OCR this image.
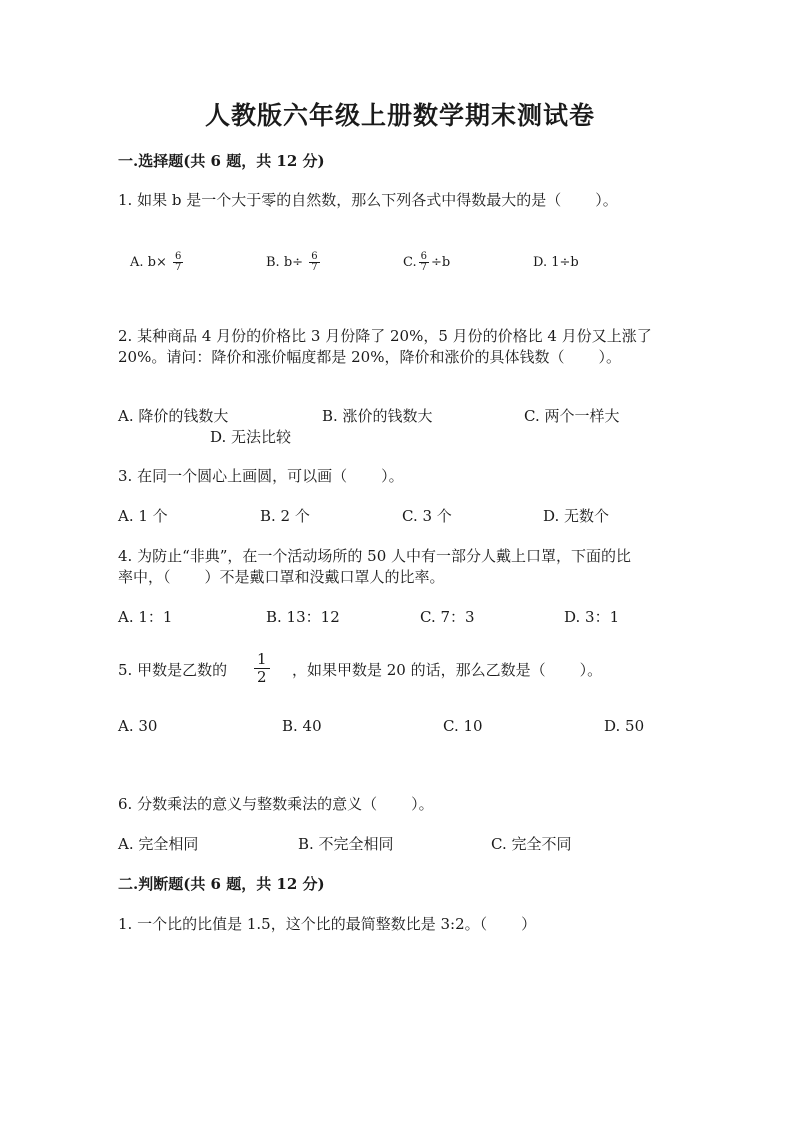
人教版六年级上册数学期末测试卷
一.选择题(共 6 题，共 12 分)
1. 如果 b 是一个大于零的自然数，那么下列各式中得数最大的是（ ）。
A. $b\times \frac{6}{7}$	B. $b\div \frac{6}{7}$	C. $\frac{6}{7} \div b$	D. 1÷b
2. 某种商品 4 月份的价格比 3 月份降了 20%，5 月份的价格比 4 月份又上涨了
20%。请问：降价和涨价幅度都是 20%，降价和涨价的具体钱数（ ）。
A. 降价的钱数大	B. 涨价的钱数大	C. 两个一样大
D. 无法比较
3. 在同一个圆心上画圆，可以画（ ）。
A. 1 个	B. 2 个	C. 3 个	D. 无数个
4. 为防止“非典”，在一个活动场所的 50 人中有一部分人戴上口罩，下面的比
率中，（ ）不是戴口罩和没戴口罩人的比率。
A. 1：1	B. 13：12	C. 7：3	D. 3：1
5. 甲数是乙数的 $\frac{1}{2}$ ，如果甲数是 20 的话，那么乙数是（ ）。
A. 30	B. 40	C. 10	D. 50
6. 分数乘法的意义与整数乘法的意义（ ）。
A. 完全相同	B. 不完全相同	C. 完全不同
二.判断题(共 6 题，共 12 分)
1. 一个比的比值是 1.5，这个比的最简整数比是 3:2。（ ）
